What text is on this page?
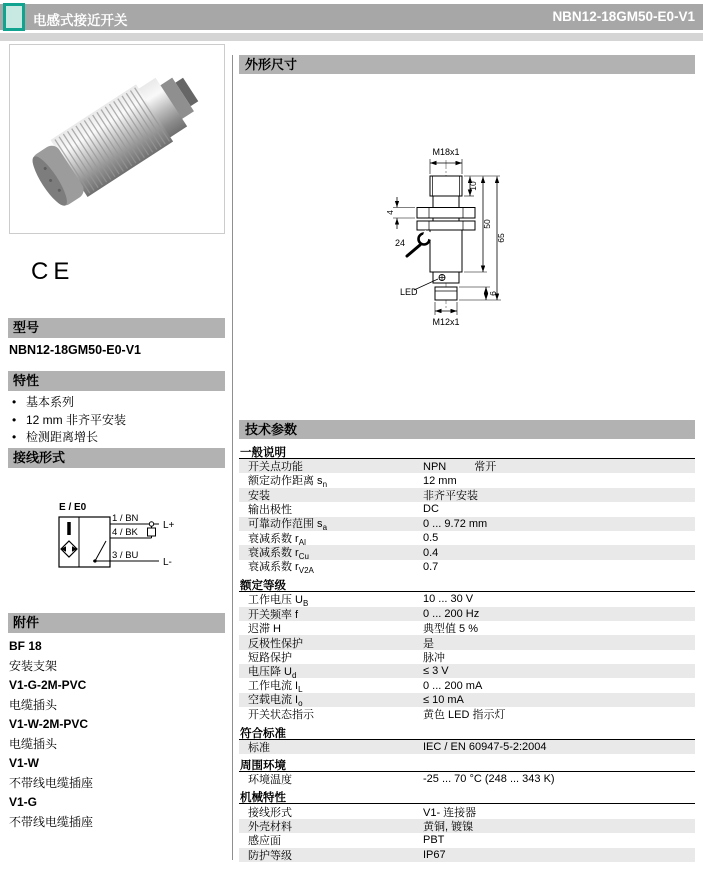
电感式接近开关	NBN12-18GM50-E0-V1
CE
型号
NBN12-18GM50-E0-V1
特性
• 基本系列
• 12 mm 非齐平安装
• 检测距离增长
接线形式
E / E0
1 / BN
L+
4 / BK
3 / BU
L-
附件
BF 18
安装支架
V1-G-2M-PVC
电缆插头
V1-W-2M-PVC
电缆插头
V1-W
不带线电缆插座
V1-G
不带线电缆插座
外形尺寸
M18x1
10
50
65
4
24
LED	6
M12x1
技术参数
一般说明
开关点功能	NPN	常开
额定动作距离 $s_n$	12 mm
安装	非齐平安装
输出极性	DC
可靠动作范围 $s_a$	0 ... 9.72 mm
衰减系数 $r_{Al}$	0.5
衰减系数 $r_{Cu}$	0.4
衰减系数 $r_{V2A}$	0.7
额定等级
工作电压 $U_B$	10 ... 30 V
开关频率 f	0 ... 200 Hz
迟滞 H	典型值 5 %
反极性保护	是
短路保护	脉冲
电压降 $U_d$	≤ 3 V
工作电流 $I_L$	0 ... 200 mA
空载电流 $I_o$	≤ 10 mA
开关状态指示	黄色 LED 指示灯
符合标准
标准	IEC / EN 60947-5-2:2004
周围环境
环境温度	-25 ... 70 °C (248 ... 343 K)
机械特性
接线形式	V1- 连接器
外壳材料	黄铜, 镀镍
感应面	PBT
防护等级	IP67
